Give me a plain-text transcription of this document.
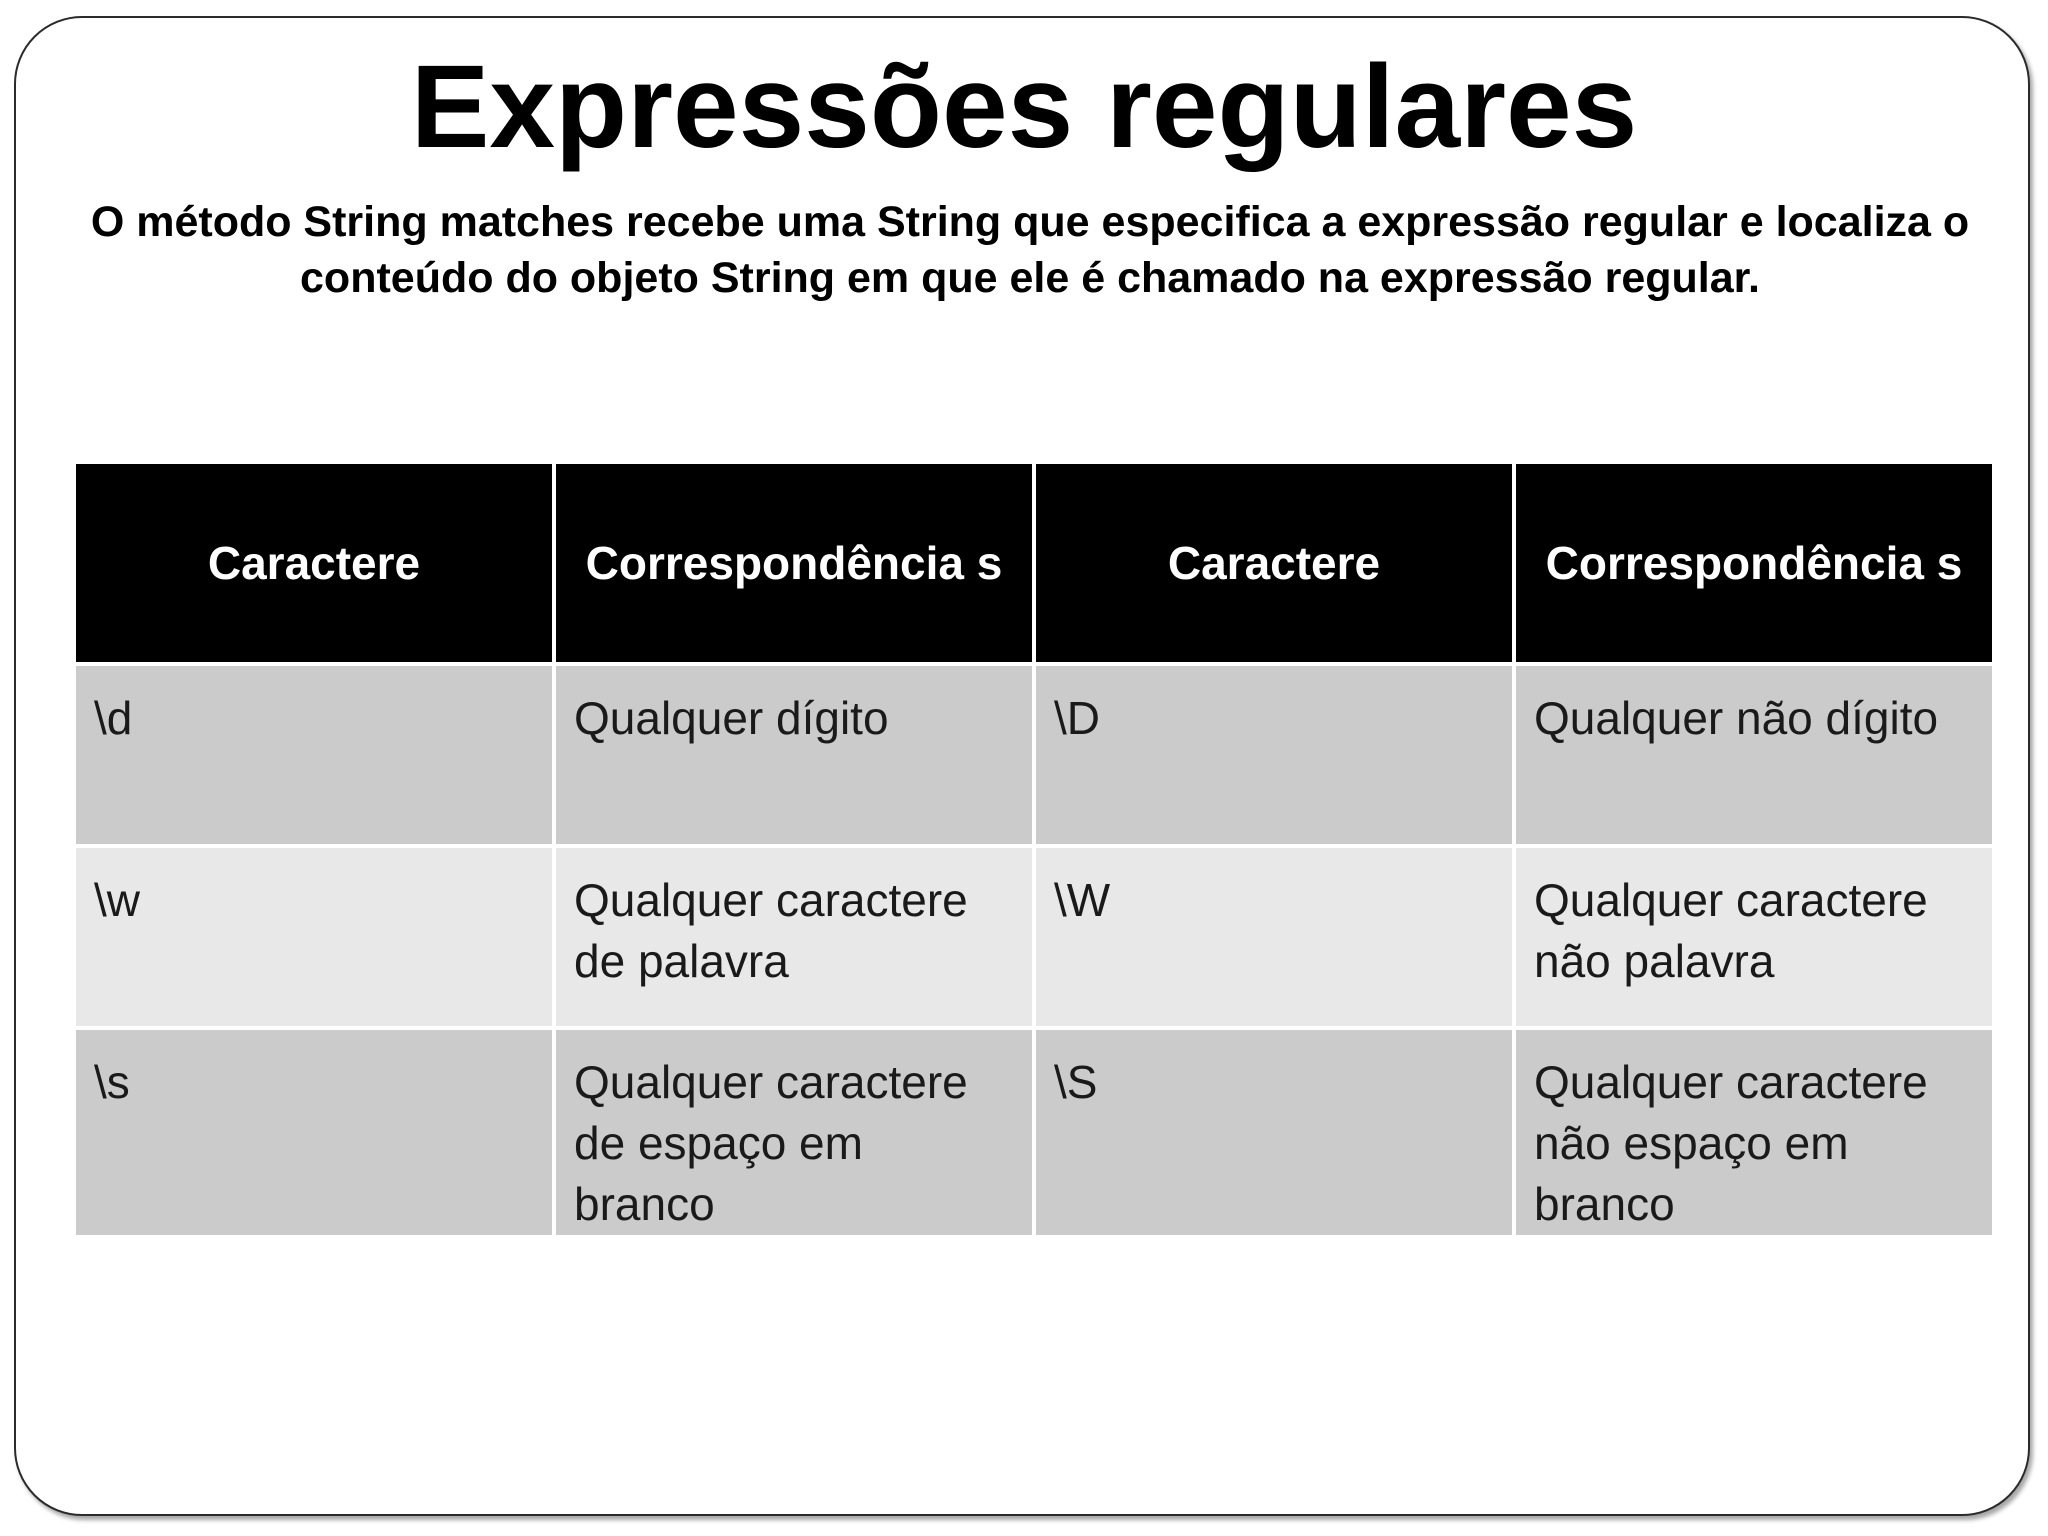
Expressões regulares

O método String matches recebe uma String que especifica a expressão regular e localiza o conteúdo do objeto String em que ele é chamado na expressão regular.

Caractere	Correspondência s	Caractere	Correspondência s
\d	Qualquer dígito	\D	Qualquer não dígito
\w	Qualquer caractere de palavra	\W	Qualquer caractere não palavra
\s	Qualquer caractere de espaço em branco	\S	Qualquer caractere não espaço em branco
